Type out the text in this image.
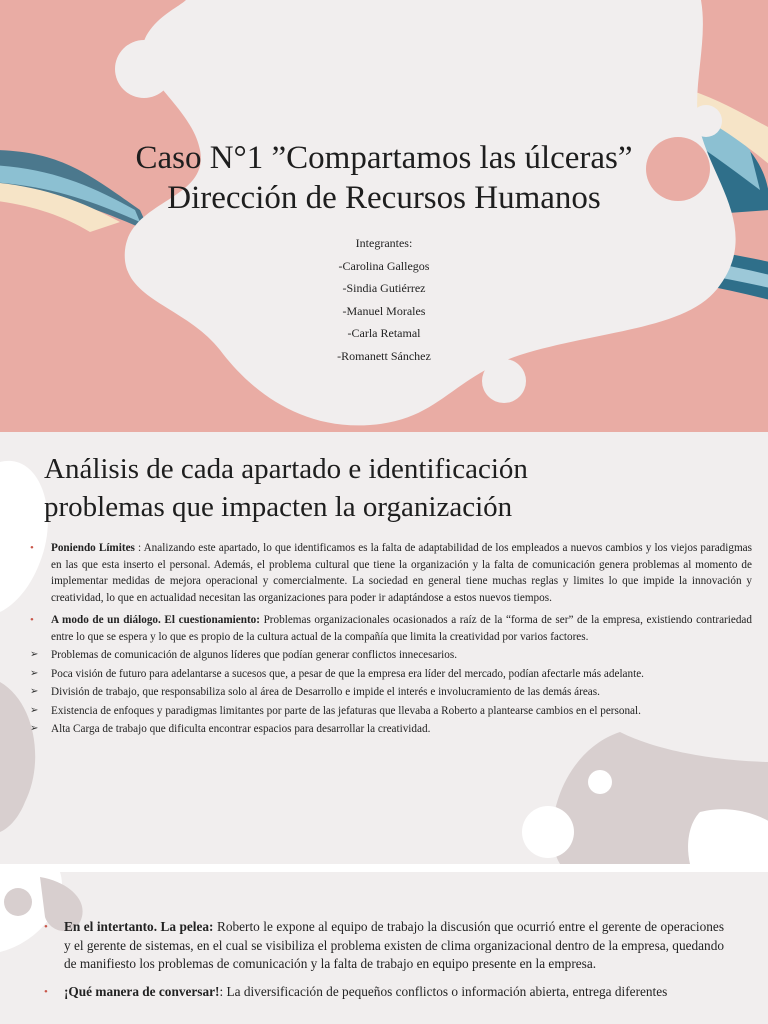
Caso N°1 ”Compartamos las úlceras”
Dirección de Recursos Humanos
Integrantes:
-Carolina Gallegos
-Sindia Gutiérrez
-Manuel Morales
-Carla Retamal
-Romanett Sánchez
Análisis de cada apartado e identificación
problemas que impacten la organización
• Poniendo Límites : Analizando este apartado, lo que identificamos es la falta de adaptabilidad de los empleados a nuevos cambios y los viejos paradigmas en las que esta inserto el personal. Además, el problema cultural que tiene la organización y la falta de comunicación genera problemas al momento de implementar medidas de mejora operacional y comercialmente. La sociedad en general tiene muchas reglas y limites lo que impide la innovación y creatividad, lo que en actualidad necesitan las organizaciones para poder ir adaptándose a estos nuevos tiempos.
• A modo de un diálogo. El cuestionamiento: Problemas organizacionales ocasionados a raíz de la “forma de ser” de la empresa, existiendo contrariedad entre lo que se espera y lo que es propio de la cultura actual de la compañía que limita la creatividad por varios factores.
➢ Problemas de comunicación de algunos líderes que podían generar conflictos innecesarios.
➢ Poca visión de futuro para adelantarse a sucesos que, a pesar de que la empresa era líder del mercado, podían afectarle más adelante.
➢ División de trabajo, que responsabiliza solo al área de Desarrollo e impide el interés e involucramiento de las demás áreas.
➢ Existencia de enfoques y paradigmas limitantes por parte de las jefaturas que llevaba a Roberto a plantearse cambios en el personal.
➢ Alta Carga de trabajo que dificulta encontrar espacios para desarrollar la creatividad.
• En el intertanto. La pelea: Roberto le expone al equipo de trabajo la discusión que ocurrió entre el gerente de operaciones y el gerente de sistemas, en el cual se visibiliza el problema existen de clima organizacional dentro de la empresa, quedando de manifiesto los problemas de comunicación y la falta de trabajo en equipo presente en la empresa.
• ¡Qué manera de conversar!: La diversificación de pequeños conflictos o información abierta, entrega diferentes
